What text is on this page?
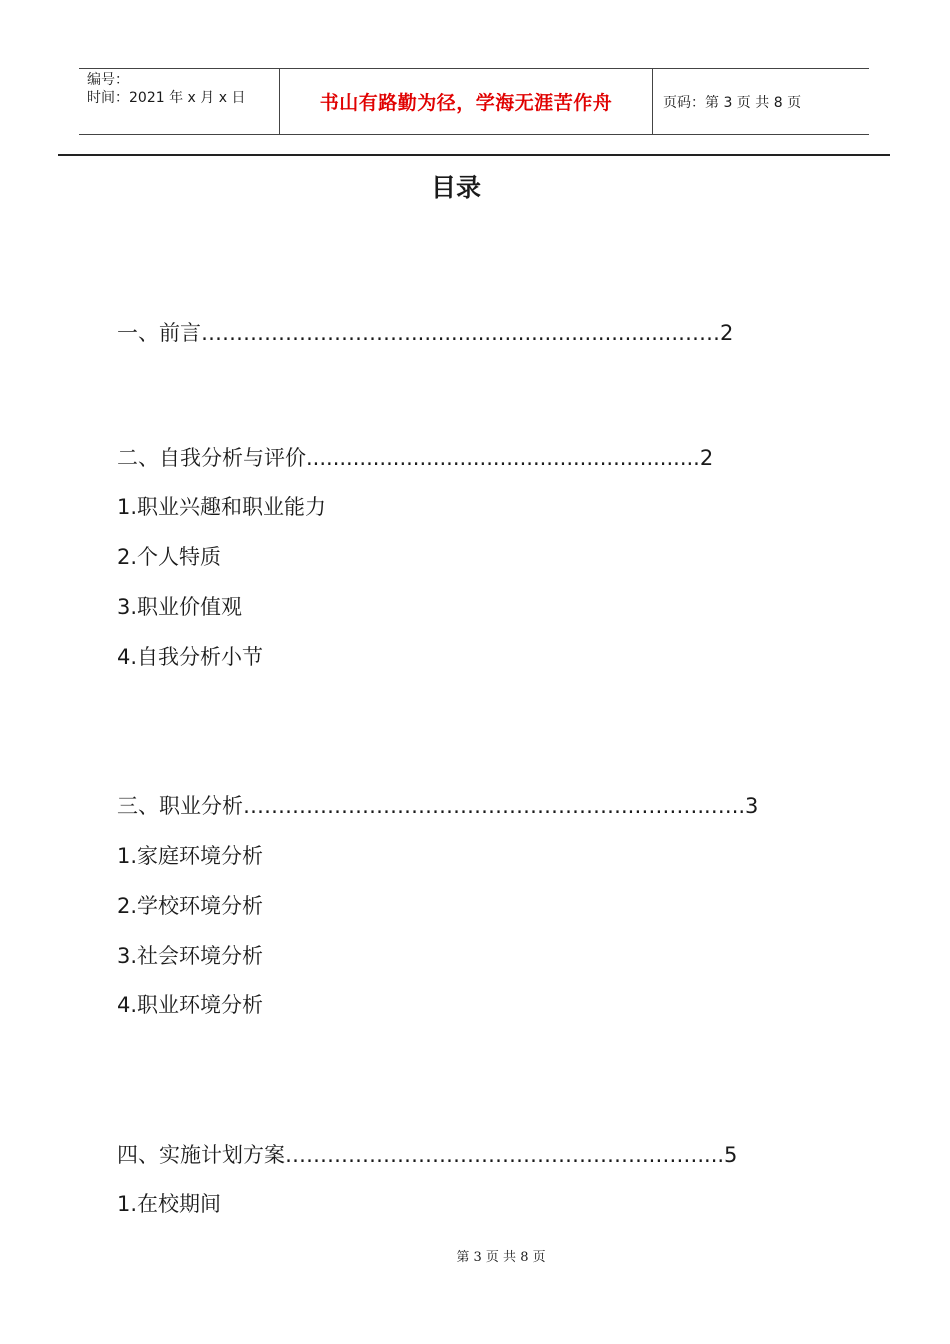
编号：
时间：2021 年 x 月 x 日	书山有路勤为径，学海无涯苦作舟	页码：第 3 页 共 8 页
目录
一、前言…………………………........................................……2
二、自我分析与评价...........................................................2
1.职业兴趣和职业能力
2.个人特质
3.职业价值观
4.自我分析小节
三、职业分析………………………………………………..………..…..3
1.家庭环境分析
2.学校环境分析
3.社会环境分析
4.职业环境分析
四、实施计划方案……………………………………………..……....5
1.在校期间
第 3 页 共 8 页
